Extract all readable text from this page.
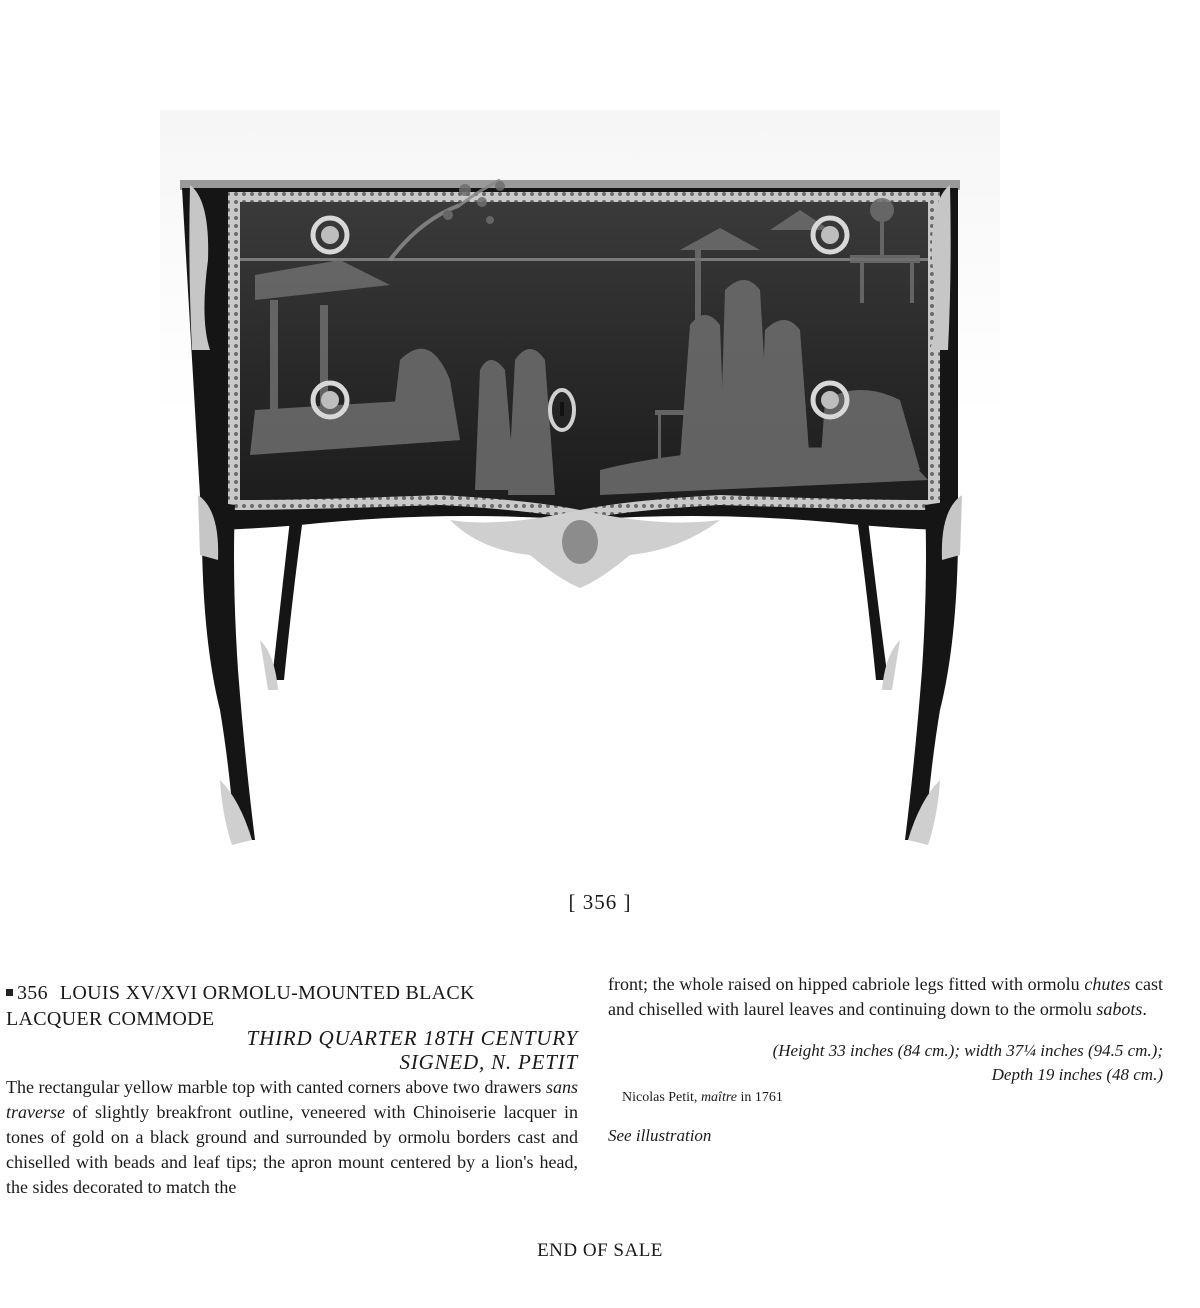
[ 356 ]
356 LOUIS XV/XVI ORMOLU-MOUNTED BLACK
LACQUER COMMODE
THIRD QUARTER 18TH CENTURY
SIGNED, N. PETIT
The rectangular yellow marble top with canted corners above two drawers sans traverse of slightly breakfront outline, veneered with Chinoiserie lacquer in tones of gold on a black ground and surrounded by ormolu borders cast and chiselled with beads and leaf tips; the apron mount centered by a lion's head, the sides decorated to match the
front; the whole raised on hipped cabriole legs fitted with ormolu chutes cast and chiselled with laurel leaves and continuing down to the ormolu sabots.
(Height 33 inches (84 cm.); width 37¼ inches (94.5 cm.);
Depth 19 inches (48 cm.)
Nicolas Petit, maître in 1761
See illustration
END OF SALE
